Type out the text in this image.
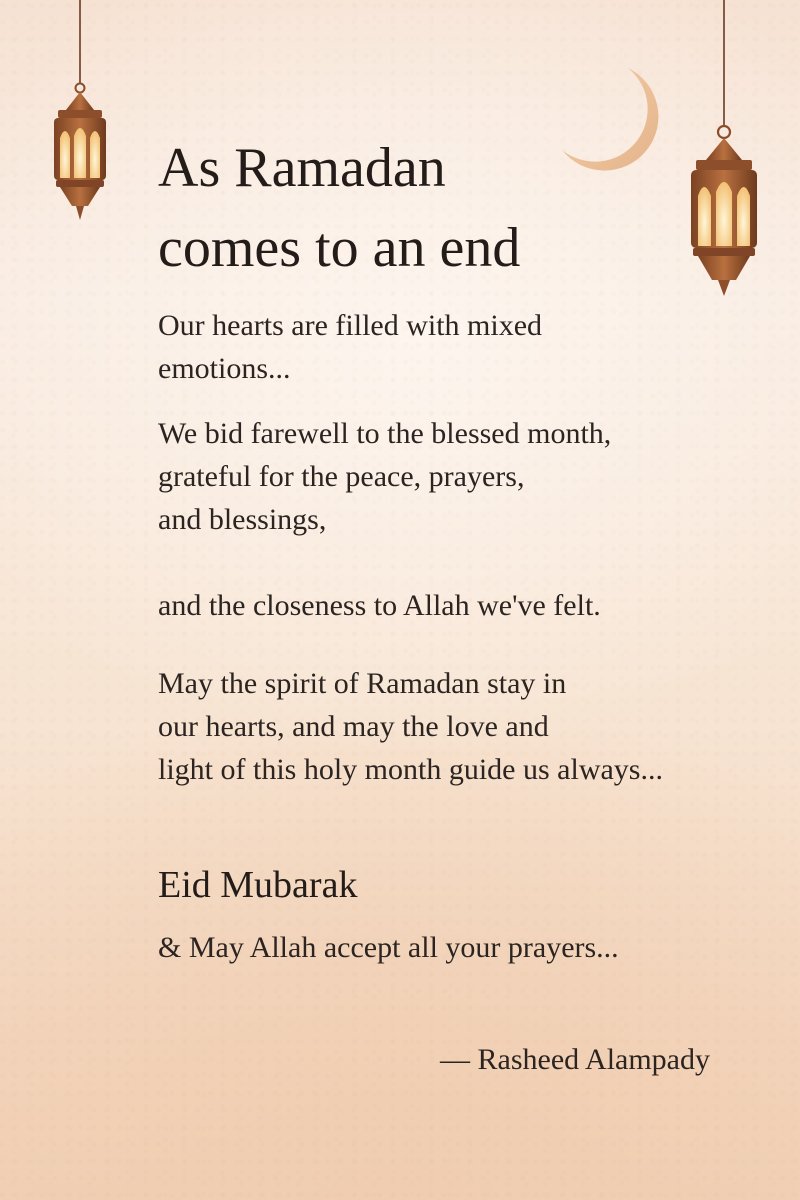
As Ramadan
comes to an end

Our hearts are filled with mixed
emotions...

We bid farewell to the blessed month,
grateful for the peace, prayers,
and blessings,

and the closeness to Allah we've felt.

May the spirit of Ramadan stay in
our hearts, and may the love and
light of this holy month guide us always...

Eid Mubarak

& May Allah accept all your prayers...

— Rasheed Alampady
